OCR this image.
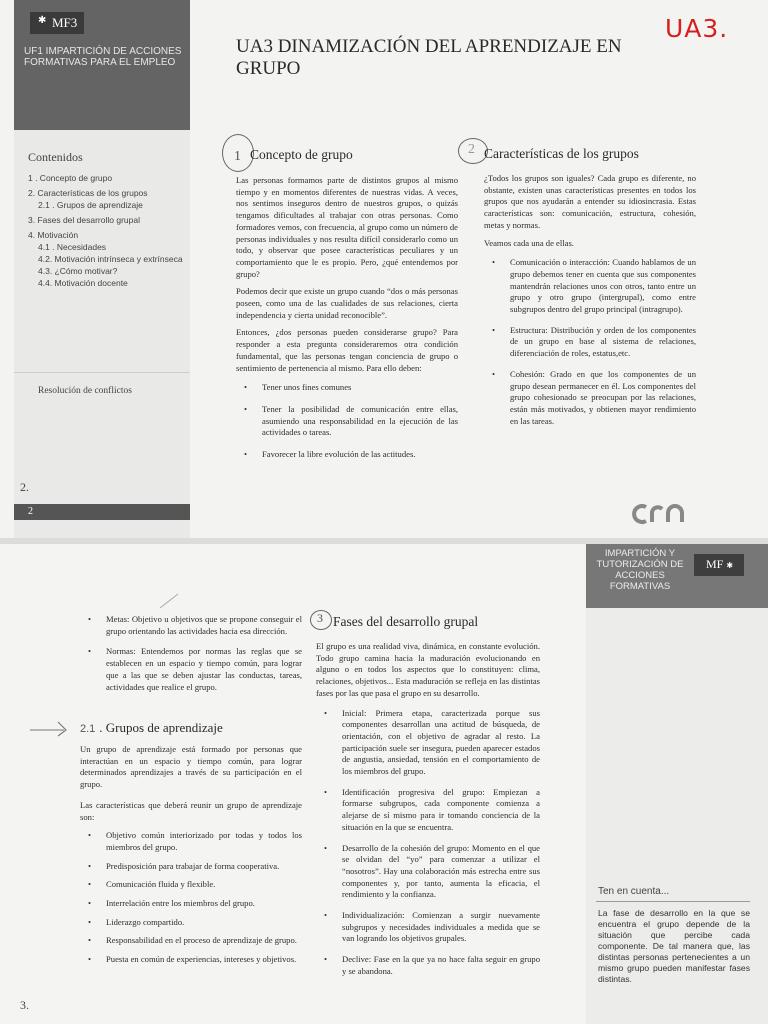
✱ MF3
UF1 IMPARTICIÓN DE ACCIONES FORMATIVAS PARA EL EMPLEO
Contenidos
1 . Concepto de grupo
2. Características de los grupos
2.1 . Grupos de aprendizaje
3. Fases del desarrollo grupal
4. Motivación
4.1 . Necesidades
4.2. Motivación intrínseca y extrínseca
4.3. ¿Cómo motivar?
4.4. Motivación docente
Resolución de conflictos
2.
2
UA3 DINAMIZACIÓN DEL APRENDIZAJE EN GRUPO
UA3.
1 Concepto de grupo

Las personas formamos parte de distintos grupos al mismo tiempo y en momentos diferentes de nuestras vidas. A veces, nos sentimos inseguros dentro de nuestros grupos, o quizás tengamos dificultades al trabajar con otras personas. Como formadores vemos, con frecuencia, al grupo como un número de personas individuales y nos resulta difícil considerarlo como un todo, y observar que posee características peculiares y un comportamiento que le es propio. Pero, ¿qué entendemos por grupo?

Podemos decir que existe un grupo cuando “dos o más personas poseen, como una de las cualidades de sus relaciones, cierta independencia y cierta unidad reconocible”.

Entonces, ¿dos personas pueden considerarse grupo? Para responder a esta pregunta consideraremos otra condición fundamental, que las personas tengan conciencia de grupo o sentimiento de pertenencia al mismo. Para ello deben:

• Tener unos fines comunes
• Tener la posibilidad de comunicación entre ellas, asumiendo una responsabilidad en la ejecución de las actividades o tareas.
• Favorecer la libre evolución de las actitudes.
2 Características de los grupos

¿Todos los grupos son iguales? Cada grupo es diferente, no obstante, existen unas características presentes en todos los grupos que nos ayudarán a entender su idiosincrasia. Estas características son: comunicación, estructura, cohesión, metas y normas.

Veamos cada una de ellas.

• Comunicación o interacción: Cuando hablamos de un grupo debemos tener en cuenta que sus componentes mantendrán relaciones unos con otros, tanto entre un grupo y otro grupo (intergrupal), como entre subgrupos dentro del grupo principal (intragrupo).
• Estructura: Distribución y orden de los componentes de un grupo en base al sistema de relaciones, diferenciación de roles, estatus,etc.
• Cohesión: Grado en que los componentes de un grupo desean permanecer en él. Los componentes del grupo cohesionado se preocupan por las relaciones, están más motivados, y obtienen mayor rendimiento en las tareas.
crn
IMPARTICIÓN Y TUTORIZACIÓN DE ACCIONES FORMATIVAS
MF ✱
• Metas: Objetivo u objetivos que se propone conseguir el grupo orientando las actividades hacia esa dirección.
• Normas: Entendemos por normas las reglas que se establecen en un espacio y tiempo común, para lograr que a las que se deben ajustar las conductas, tareas, actividades que realice el grupo.
2.1 . Grupos de aprendizaje

Un grupo de aprendizaje está formado por personas que interactúan en un espacio y tiempo común, para lograr determinados aprendizajes a través de su participación en el grupo.

Las características que deberá reunir un grupo de aprendizaje son:

• Objetivo común interiorizado por todas y todos los miembros del grupo.
• Predisposición para trabajar de forma cooperativa.
• Comunicación fluida y flexible.
• Interrelación entre los miembros del grupo.
• Liderazgo compartido.
• Responsabilidad en el proceso de aprendizaje de grupo.
• Puesta en común de experiencias, intereses y objetivos.
3 Fases del desarrollo grupal

El grupo es una realidad viva, dinámica, en constante evolución. Todo grupo camina hacia la maduración evolucionando en alguno o en todos los aspectos que lo constituyen: clima, relaciones, objetivos... Esta maduración se refleja en las distintas fases por las que pasa el grupo en su desarrollo.

• Inicial: Primera etapa, caracterizada porque sus componentes desarrollan una actitud de búsqueda, de orientación, con el objetivo de agradar al resto. La participación suele ser insegura, pueden aparecer estados de angustia, ansiedad, tensión en el comportamiento de los miembros del grupo.
• Identificación progresiva del grupo: Empiezan a formarse subgrupos, cada componente comienza a alejarse de sí mismo para ir tomando conciencia de la situación en la que se encuentra.
• Desarrollo de la cohesión del grupo: Momento en el que se olvidan del “yo” para comenzar a utilizar el “nosotros”. Hay una colaboración más estrecha entre sus componentes y, por tanto, aumenta la eficacia, el rendimiento y la confianza.
• Individualización: Comienzan a surgir nuevamente subgrupos y necesidades individuales a medida que se van logrando los objetivos grupales.
• Declive: Fase en la que ya no hace falta seguir en grupo y se abandona.
Ten en cuenta...
La fase de desarrollo en la que se encuentra el grupo depende de la situación que percibe cada componente. De tal manera que, las distintas personas pertenecientes a un mismo grupo pueden manifestar fases distintas.
3.
